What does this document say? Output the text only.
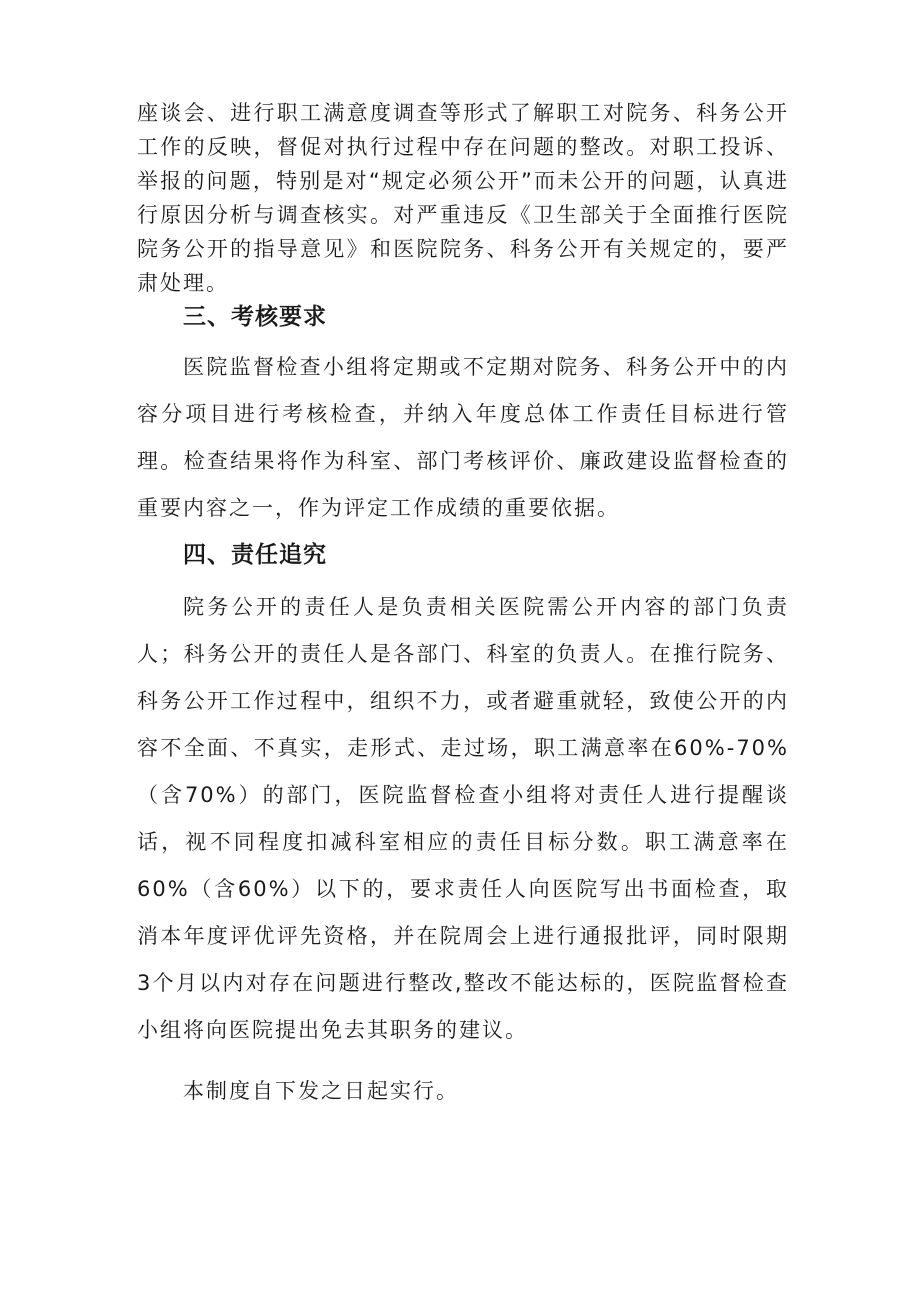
座谈会、进行职工满意度调查等形式了解职工对院务、科务公开工作的反映，督促对执行过程中存在问题的整改。对职工投诉、举报的问题，特别是对“规定必须公开”而未公开的问题，认真进行原因分析与调查核实。对严重违反《卫生部关于全面推行医院院务公开的指导意见》和医院院务、科务公开有关规定的，要严肃处理。

三、考核要求

医院监督检查小组将定期或不定期对院务、科务公开中的内容分项目进行考核检查，并纳入年度总体工作责任目标进行管理。检查结果将作为科室、部门考核评价、廉政建设监督检查的重要内容之一，作为评定工作成绩的重要依据。

四、责任追究

院务公开的责任人是负责相关医院需公开内容的部门负责人；科务公开的责任人是各部门、科室的负责人。在推行院务、科务公开工作过程中，组织不力，或者避重就轻，致使公开的内容不全面、不真实，走形式、走过场，职工满意率在60%-70%（含70%）的部门，医院监督检查小组将对责任人进行提醒谈话，视不同程度扣减科室相应的责任目标分数。职工满意率在60%（含60%）以下的，要求责任人向医院写出书面检查，取消本年度评优评先资格，并在院周会上进行通报批评，同时限期3个月以内对存在问题进行整改,整改不能达标的，医院监督检查小组将向医院提出免去其职务的建议。

本制度自下发之日起实行。
